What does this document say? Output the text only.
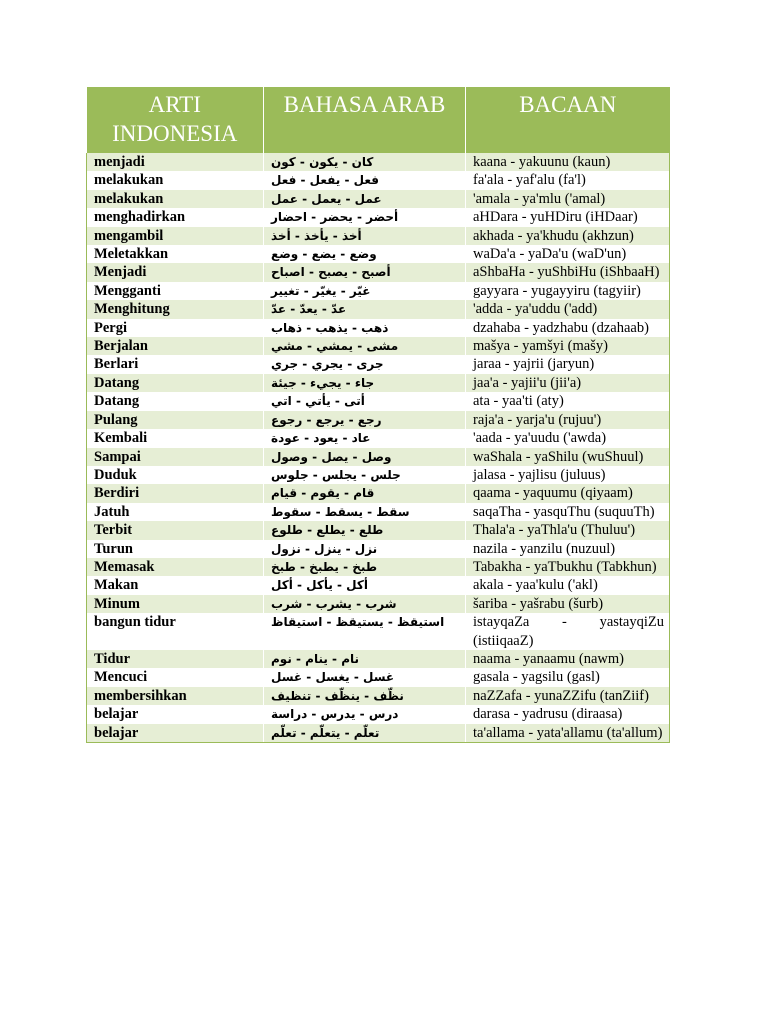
ARTI INDONESIA	BAHASA ARAB	BACAAN
menjadi	كان - يكون - كون	kaana - yakuunu (kaun)
melakukan	فعل - يفعل - فعل	fa'ala - yaf'alu (fa'l)
melakukan	عمل - يعمل - عمل	'amala - ya'mlu ('amal)
menghadirkan	أحضر - يحضر - احضار	aHDara - yuHDiru (iHDaar)
mengambil	أخذ - يأخذ - أخذ	akhada - ya'khudu (akhzun)
Meletakkan	وضع - يضع - وضع	waDa'a - yaDa'u (waD'un)
Menjadi	أصبح - يصبح - اصباح	aShbaHa - yuShbiHu (iShbaaH)
Mengganti	غيّر - يغيّر - تغيير	gayyara - yugayyiru (tagyiir)
Menghitung	عدّ - يعدّ - عدّ	'adda - ya'uddu ('add)
Pergi	ذهب - يذهب - ذهاب	dzahaba - yadzhabu (dzahaab)
Berjalan	مشى - يمشي - مشي	mašya - yamšyi (mašy)
Berlari	جرى - يجري - جري	jaraa - yajrii (jaryun)
Datang	جاء - يجيء - جيئة	jaa'a - yajii'u (jii'a)
Datang	أتى - يأتي - اتي	ata - yaa'ti (aty)
Pulang	رجع - يرجع - رجوع	raja'a - yarja'u (rujuu')
Kembali	عاد - يعود - عودة	'aada - ya'uudu ('awda)
Sampai	وصل - يصل - وصول	waShala - yaShilu (wuShuul)
Duduk	جلس - يجلس - جلوس	jalasa - yajlisu (juluus)
Berdiri	قام - يقوم - قيام	qaama - yaquumu (qiyaam)
Jatuh	سقط - يسقط - سقوط	saqaTha - yasquThu (suquuTh)
Terbit	طلع - يطلع - طلوع	Thala'a - yaThla'u (Thuluu')
Turun	نزل - ينزل - نزول	nazila - yanzilu (nuzuul)
Memasak	طبخ - يطبخ - طبخ	Tabakha - yaTbukhu (Tabkhun)
Makan	أكل - يأكل - أكل	akala - yaa'kulu ('akl)
Minum	شرب - يشرب - شرب	šariba - yašrabu (šurb)
bangun tidur	استيقظ - يستيقظ - استيقاظ	istayqaZa - yastayqiZu (istiiqaaZ)
Tidur	نام - ينام - نوم	naama - yanaamu (nawm)
Mencuci	غسل - يغسل - غسل	gasala - yagsilu (gasl)
membersihkan	نظّف - ينظّف - تنظيف	naZZafa - yunaZZifu (tanZiif)
belajar	درس - يدرس - دراسة	darasa - yadrusu (diraasa)
belajar	تعلّم - يتعلّم - تعلّم	ta'allama - yata'allamu (ta'allum)
